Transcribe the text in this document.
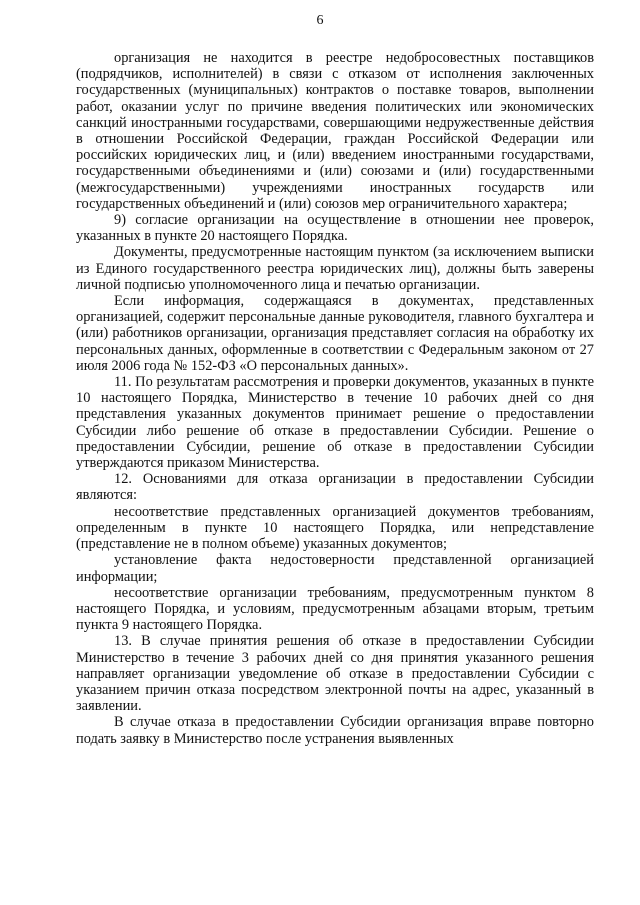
6

организация не находится в реестре недобросовестных поставщиков (подрядчиков, исполнителей) в связи с отказом от исполнения заключенных государственных (муниципальных) контрактов о поставке товаров, выполнении работ, оказании услуг по причине введения политических или экономических санкций иностранными государствами, совершающими недружественные действия в отношении Российской Федерации, граждан Российской Федерации или российских юридических лиц, и (или) введением иностранными государствами, государственными объединениями и (или) союзами и (или) государственными (межгосударственными) учреждениями иностранных государств или государственных объединений и (или) союзов мер ограничительного характера;

9) согласие организации на осуществление в отношении нее проверок, указанных в пункте 20 настоящего Порядка.

Документы, предусмотренные настоящим пунктом (за исключением выписки из Единого государственного реестра юридических лиц), должны быть заверены личной подписью уполномоченного лица и печатью организации.

Если информация, содержащаяся в документах, представленных организацией, содержит персональные данные руководителя, главного бухгалтера и (или) работников организации, организация представляет согласия на обработку их персональных данных, оформленные в соответствии с Федеральным законом от 27 июля 2006 года № 152-ФЗ «О персональных данных».

11. По результатам рассмотрения и проверки документов, указанных в пункте 10 настоящего Порядка, Министерство в течение 10 рабочих дней со дня представления указанных документов принимает решение о предоставлении Субсидии либо решение об отказе в предоставлении Субсидии. Решение о предоставлении Субсидии, решение об отказе в предоставлении Субсидии утверждаются приказом Министерства.

12. Основаниями для отказа организации в предоставлении Субсидии являются:

несоответствие представленных организацией документов требованиям, определенным в пункте 10 настоящего Порядка, или непредставление (представление не в полном объеме) указанных документов;

установление факта недостоверности представленной организацией информации;

несоответствие организации требованиям, предусмотренным пунктом 8 настоящего Порядка, и условиям, предусмотренным абзацами вторым, третьим пункта 9 настоящего Порядка.

13. В случае принятия решения об отказе в предоставлении Субсидии Министерство в течение 3 рабочих дней со дня принятия указанного решения направляет организации уведомление об отказе в предоставлении Субсидии с указанием причин отказа посредством электронной почты на адрес, указанный в заявлении.

В случае отказа в предоставлении Субсидии организация вправе повторно подать заявку в Министерство после устранения выявленных
